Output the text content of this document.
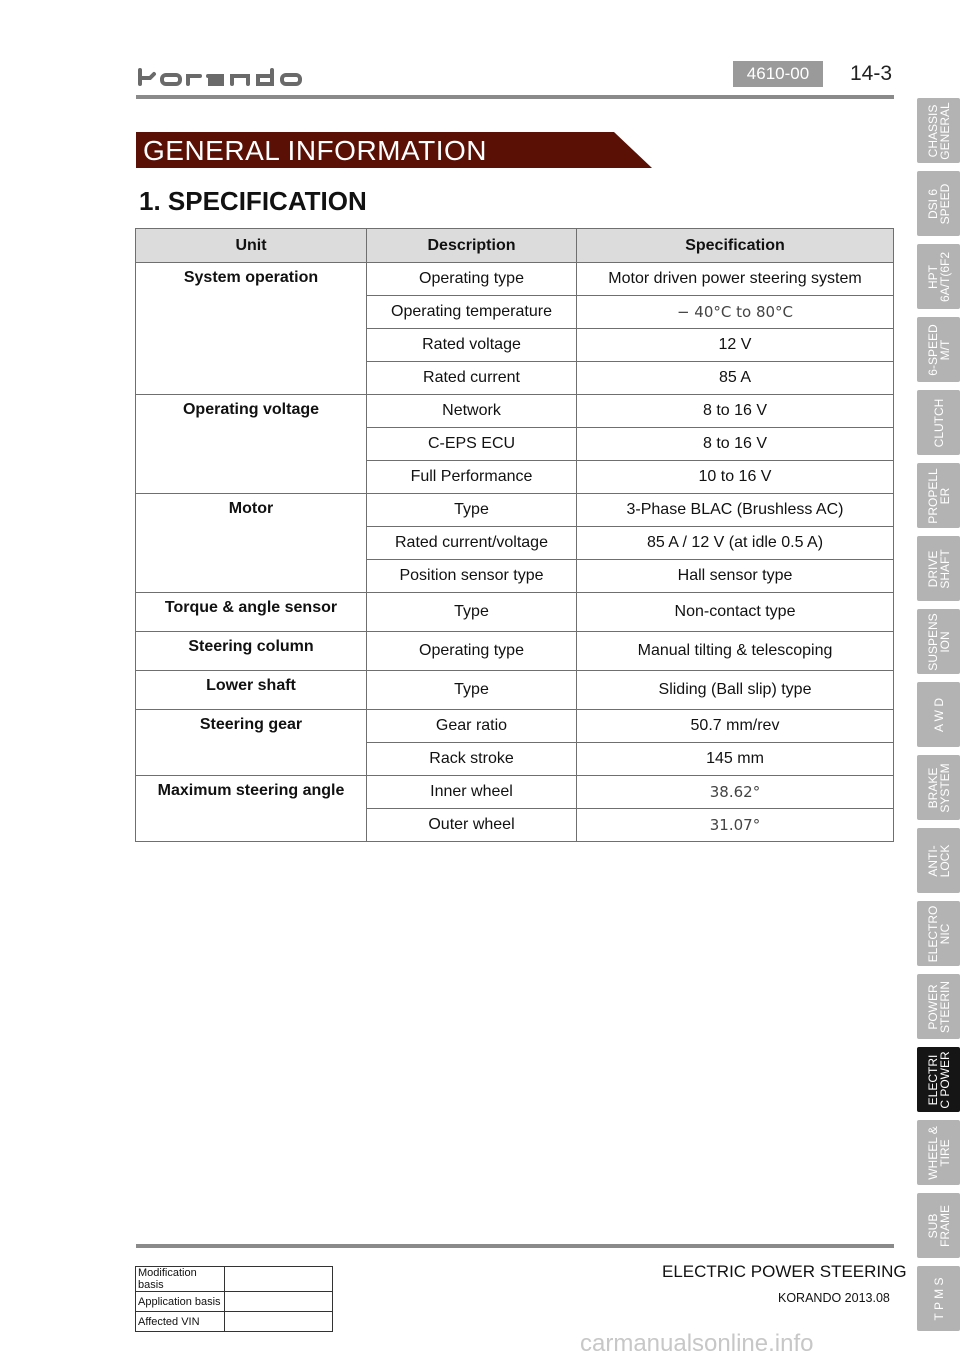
4610-00	14-3
GENERAL INFORMATION
1. SPECIFICATION
Unit	Description	Specification
System operation	Operating type	Motor driven power steering system
	Operating temperature	− 40°C to 80°C
	Rated voltage	12 V
	Rated current	85 A
Operating voltage	Network	8 to 16 V
	C-EPS ECU	8 to 16 V
	Full Performance	10 to 16 V
Motor	Type	3-Phase BLAC (Brushless AC)
	Rated current/voltage	85 A / 12 V (at idle 0.5 A)
	Position sensor type	Hall sensor type
Torque & angle sensor	Type	Non-contact type
Steering column	Operating type	Manual tilting & telescoping
Lower shaft	Type	Sliding (Ball slip) type
Steering gear	Gear ratio	50.7 mm/rev
	Rack stroke	145 mm
Maximum steering angle	Inner wheel	38.62°
	Outer wheel	31.07°
CHASSIS
GENERAL
DSI 6
SPEED
HPT
6A/T(6F2
6-SPEED
M/T
CLUTCH
PROPELL
ER
DRIVE
SHAFT
SUSPENS
ION
A W D
BRAKE
SYSTEM
ANTI-
LOCK
ELECTRO
NIC
POWER
STEERIN
ELECTRI
C POWER
WHEEL &
TIRE
SUB
FRAME
T P M S
Modification basis	
Application basis	
Affected VIN	
ELECTRIC POWER STEERING
KORANDO 2013.08
carmanualsonline.info
